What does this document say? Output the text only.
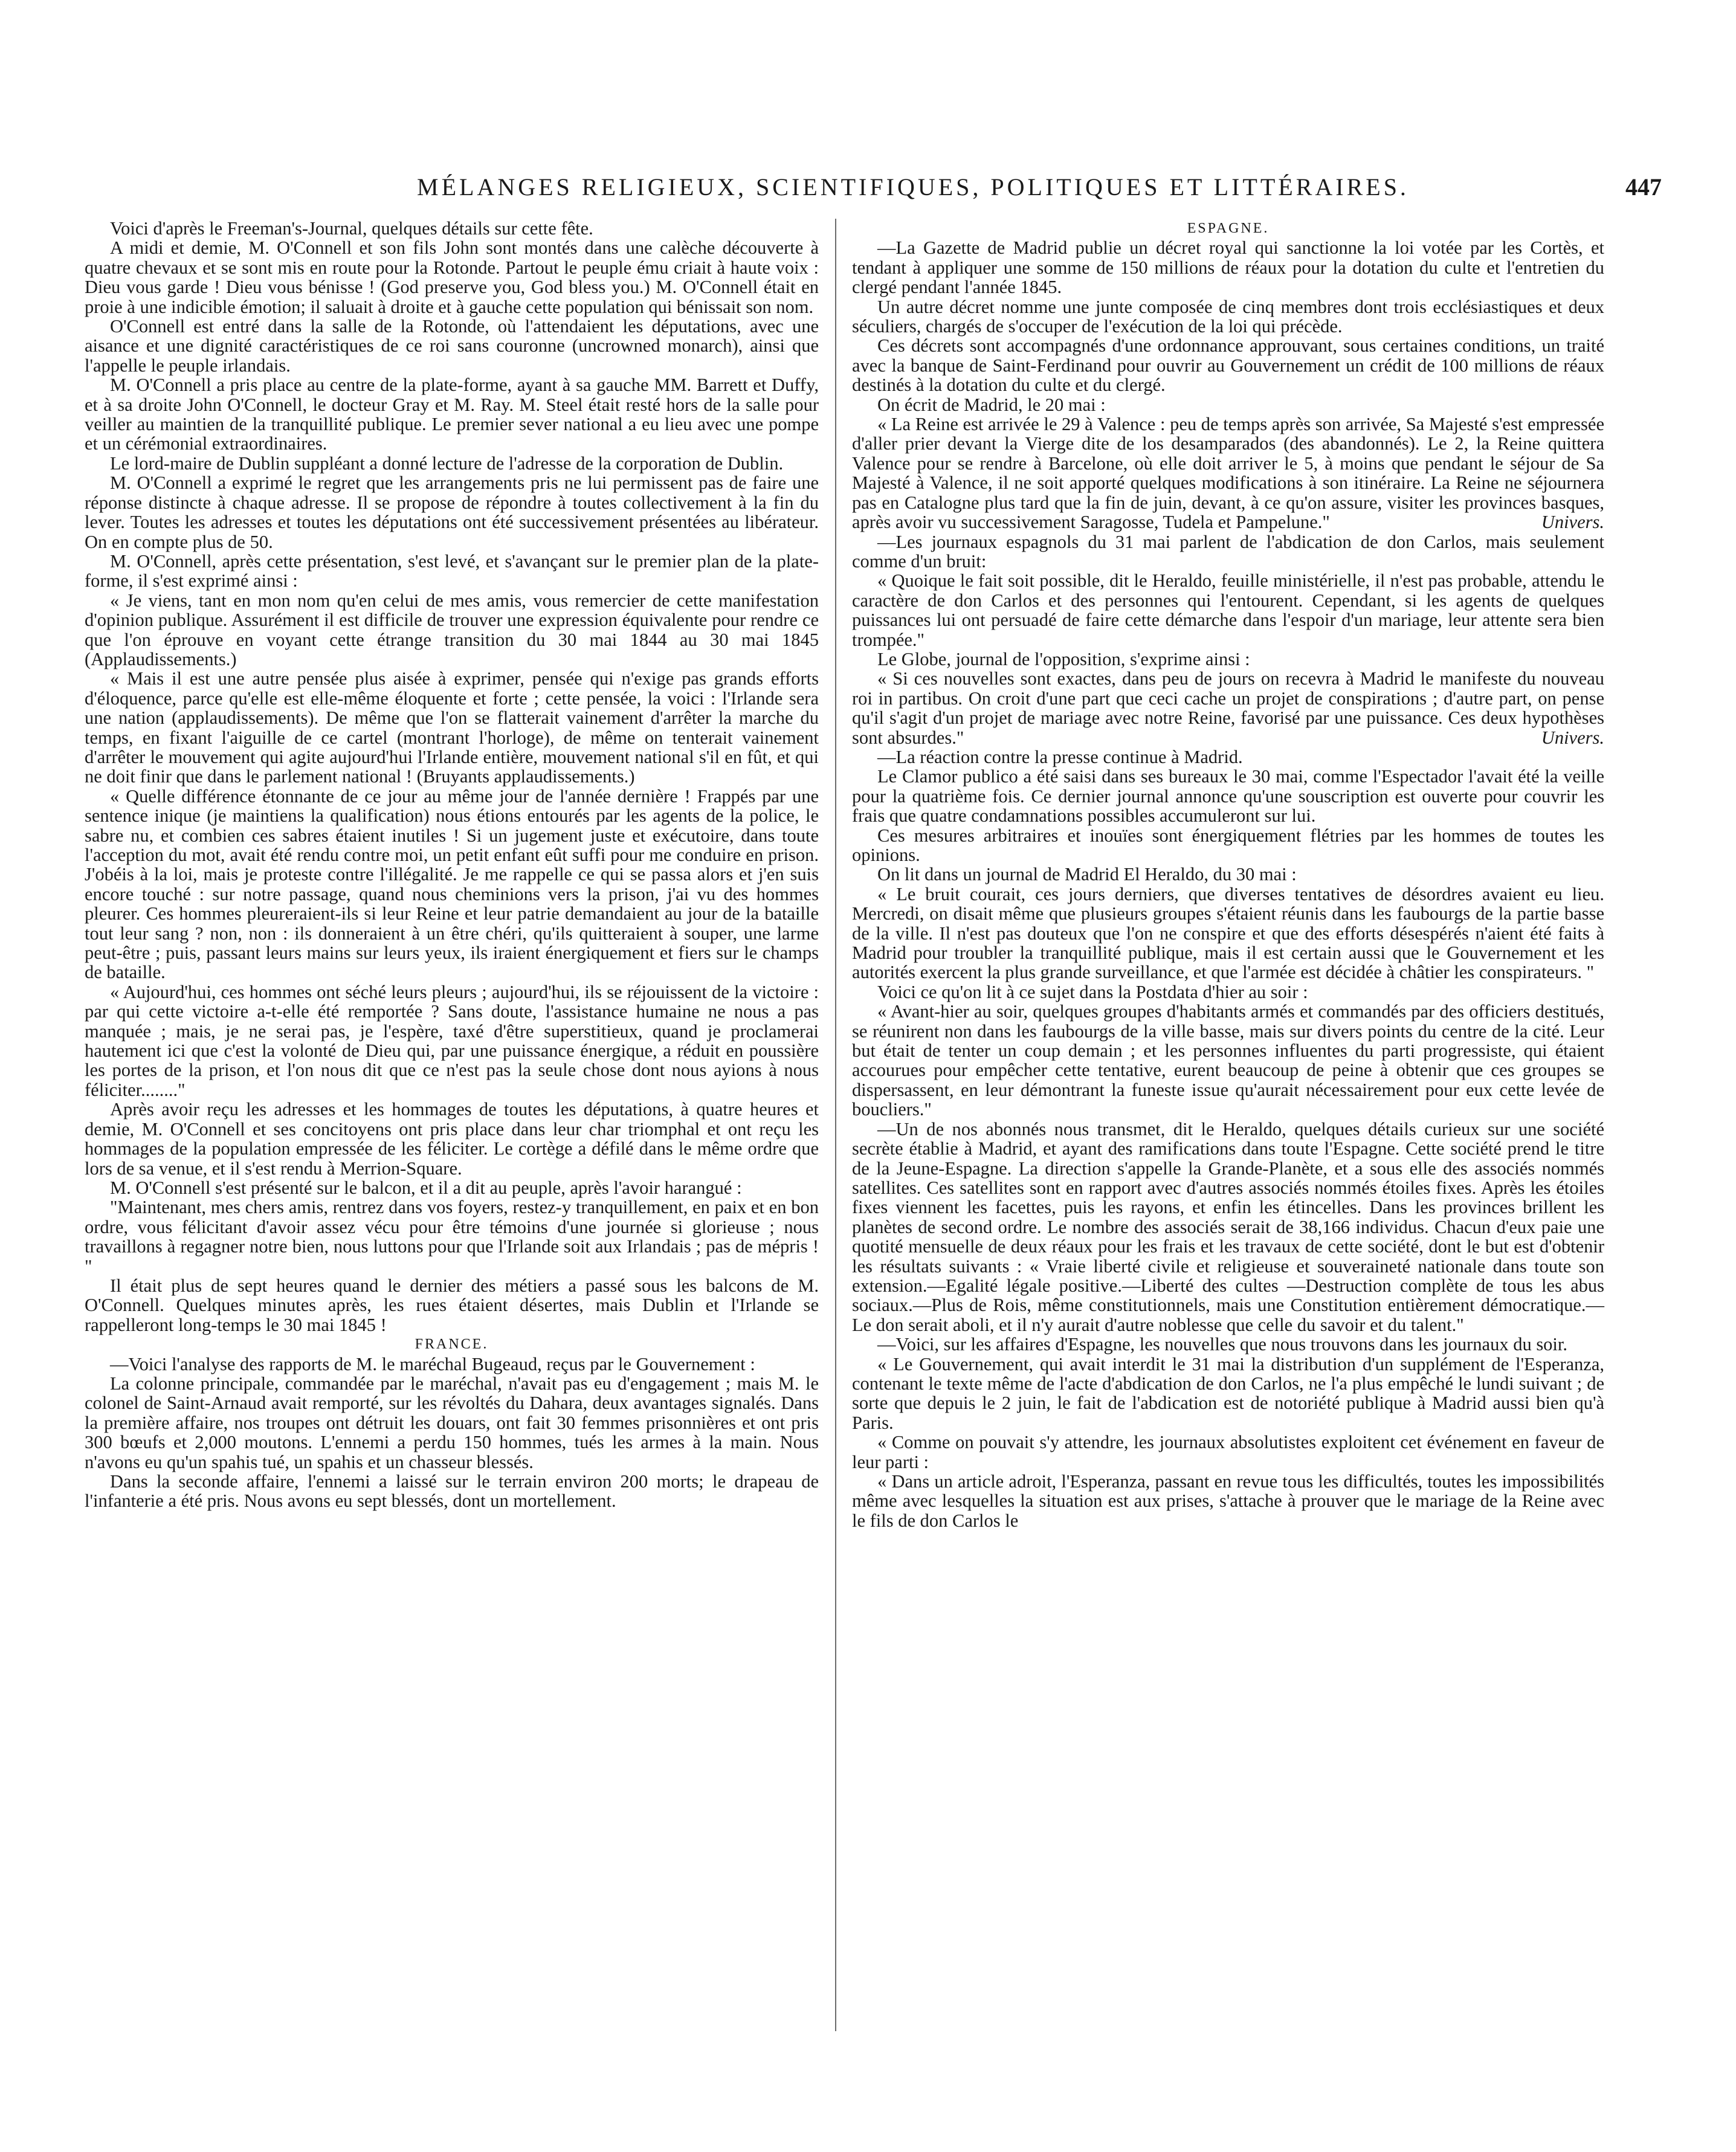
MÉLANGES RELIGIEUX, SCIENTIFIQUES, POLITIQUES ET LITTÉRAIRES.	447

Voici d'après le Freeman's-Journal, quelques détails sur cette fête.

A midi et demie, M. O'Connell et son fils John sont montés dans une calèche découverte à quatre chevaux et se sont mis en route pour la Rotonde. Partout le peuple ému criait à haute voix : Dieu vous garde ! Dieu vous bénisse ! (God preserve you, God bless you.) M. O'Connell était en proie à une indicible émotion; il saluait à droite et à gauche cette population qui bénissait son nom.

O'Connell est entré dans la salle de la Rotonde, où l'attendaient les députations, avec une aisance et une dignité caractéristiques de ce roi sans couronne (uncrowned monarch), ainsi que l'appelle le peuple irlandais.

M. O'Connell a pris place au centre de la plate-forme, ayant à sa gauche MM. Barrett et Duffy, et à sa droite John O'Connell, le docteur Gray et M. Ray. M. Steel était resté hors de la salle pour veiller au maintien de la tranquillité publique. Le premier sever national a eu lieu avec une pompe et un cérémonial extraordinaires.

Le lord-maire de Dublin suppléant a donné lecture de l'adresse de la corporation de Dublin.

M. O'Connell a exprimé le regret que les arrangements pris ne lui permissent pas de faire une réponse distincte à chaque adresse. Il se propose de répondre à toutes collectivement à la fin du lever. Toutes les adresses et toutes les députations ont été successivement présentées au libérateur. On en compte plus de 50.

M. O'Connell, après cette présentation, s'est levé, et s'avançant sur le premier plan de la plate-forme, il s'est exprimé ainsi :

« Je viens, tant en mon nom qu'en celui de mes amis, vous remercier de cette manifestation d'opinion publique. Assurément il est difficile de trouver une expression équivalente pour rendre ce que l'on éprouve en voyant cette étrange transition du 30 mai 1844 au 30 mai 1845 (Applaudissements.)

« Mais il est une autre pensée plus aisée à exprimer, pensée qui n'exige pas grands efforts d'éloquence, parce qu'elle est elle-même éloquente et forte ; cette pensée, la voici : l'Irlande sera une nation (applaudissements). De même que l'on se flatterait vainement d'arrêter la marche du temps, en fixant l'aiguille de ce cartel (montrant l'horloge), de même on tenterait vainement d'arrêter le mouvement qui agite aujourd'hui l'Irlande entière, mouvement national s'il en fût, et qui ne doit finir que dans le parlement national ! (Bruyants applaudissements.)

« Quelle différence étonnante de ce jour au même jour de l'année dernière ! Frappés par une sentence inique (je maintiens la qualification) nous étions entourés par les agents de la police, le sabre nu, et combien ces sabres étaient inutiles ! Si un jugement juste et exécutoire, dans toute l'acception du mot, avait été rendu contre moi, un petit enfant eût suffi pour me conduire en prison. J'obéis à la loi, mais je proteste contre l'illégalité. Je me rappelle ce qui se passa alors et j'en suis encore touché : sur notre passage, quand nous cheminions vers la prison, j'ai vu des hommes pleurer. Ces hommes pleureraient-ils si leur Reine et leur patrie demandaient au jour de la bataille tout leur sang ? non, non : ils donneraient à un être chéri, qu'ils quitteraient à souper, une larme peut-être ; puis, passant leurs mains sur leurs yeux, ils iraient énergiquement et fiers sur le champs de bataille.

« Aujourd'hui, ces hommes ont séché leurs pleurs ; aujourd'hui, ils se réjouissent de la victoire : par qui cette victoire a-t-elle été remportée ? Sans doute, l'assistance humaine ne nous a pas manquée ; mais, je ne serai pas, je l'espère, taxé d'être superstitieux, quand je proclamerai hautement ici que c'est la volonté de Dieu qui, par une puissance énergique, a réduit en poussière les portes de la prison, et l'on nous dit que ce n'est pas la seule chose dont nous ayions à nous féliciter........"

Après avoir reçu les adresses et les hommages de toutes les députations, à quatre heures et demie, M. O'Connell et ses concitoyens ont pris place dans leur char triomphal et ont reçu les hommages de la population empressée de les féliciter. Le cortège a défilé dans le même ordre que lors de sa venue, et il s'est rendu à Merrion-Square.

M. O'Connell s'est présenté sur le balcon, et il a dit au peuple, après l'avoir harangué :

"Maintenant, mes chers amis, rentrez dans vos foyers, restez-y tranquillement, en paix et en bon ordre, vous félicitant d'avoir assez vécu pour être témoins d'une journée si glorieuse ; nous travaillons à regagner notre bien, nous luttons pour que l'Irlande soit aux Irlandais ; pas de mépris ! "

Il était plus de sept heures quand le dernier des métiers a passé sous les balcons de M. O'Connell. Quelques minutes après, les rues étaient désertes, mais Dublin et l'Irlande se rappelleront long-temps le 30 mai 1845 !

FRANCE.

—Voici l'analyse des rapports de M. le maréchal Bugeaud, reçus par le Gouvernement :

La colonne principale, commandée par le maréchal, n'avait pas eu d'engagement ; mais M. le colonel de Saint-Arnaud avait remporté, sur les révoltés du Dahara, deux avantages signalés. Dans la première affaire, nos troupes ont détruit les douars, ont fait 30 femmes prisonnières et ont pris 300 bœufs et 2,000 moutons. L'ennemi a perdu 150 hommes, tués les armes à la main. Nous n'avons eu qu'un spahis tué, un spahis et un chasseur blessés.

Dans la seconde affaire, l'ennemi a laissé sur le terrain environ 200 morts; le drapeau de l'infanterie a été pris. Nous avons eu sept blessés, dont un mortellement.

ESPAGNE.

—La Gazette de Madrid publie un décret royal qui sanctionne la loi votée par les Cortès, et tendant à appliquer une somme de 150 millions de réaux pour la dotation du culte et l'entretien du clergé pendant l'année 1845.

Un autre décret nomme une junte composée de cinq membres dont trois ecclésiastiques et deux séculiers, chargés de s'occuper de l'exécution de la loi qui précède.

Ces décrets sont accompagnés d'une ordonnance approuvant, sous certaines conditions, un traité avec la banque de Saint-Ferdinand pour ouvrir au Gouvernement un crédit de 100 millions de réaux destinés à la dotation du culte et du clergé.

On écrit de Madrid, le 20 mai :

« La Reine est arrivée le 29 à Valence : peu de temps après son arrivée, Sa Majesté s'est empressée d'aller prier devant la Vierge dite de los desamparados (des abandonnés). Le 2, la Reine quittera Valence pour se rendre à Barcelone, où elle doit arriver le 5, à moins que pendant le séjour de Sa Majesté à Valence, il ne soit apporté quelques modifications à son itinéraire. La Reine ne séjournera pas en Catalogne plus tard que la fin de juin, devant, à ce qu'on assure, visiter les provinces basques, après avoir vu successivement Saragosse, Tudela et Pampelune."	Univers.

—Les journaux espagnols du 31 mai parlent de l'abdication de don Carlos, mais seulement comme d'un bruit:

« Quoique le fait soit possible, dit le Heraldo, feuille ministérielle, il n'est pas probable, attendu le caractère de don Carlos et des personnes qui l'entourent. Cependant, si les agents de quelques puissances lui ont persuadé de faire cette démarche dans l'espoir d'un mariage, leur attente sera bien trompée."

Le Globe, journal de l'opposition, s'exprime ainsi :

« Si ces nouvelles sont exactes, dans peu de jours on recevra à Madrid le manifeste du nouveau roi in partibus. On croit d'une part que ceci cache un projet de conspirations ; d'autre part, on pense qu'il s'agit d'un projet de mariage avec notre Reine, favorisé par une puissance. Ces deux hypothèses sont absurdes."	Univers.

—La réaction contre la presse continue à Madrid.

Le Clamor publico a été saisi dans ses bureaux le 30 mai, comme l'Espectador l'avait été la veille pour la quatrième fois. Ce dernier journal annonce qu'une souscription est ouverte pour couvrir les frais que quatre condamnations possibles accumuleront sur lui.

Ces mesures arbitraires et inouïes sont énergiquement flétries par les hommes de toutes les opinions.

On lit dans un journal de Madrid El Heraldo, du 30 mai :

« Le bruit courait, ces jours derniers, que diverses tentatives de désordres avaient eu lieu. Mercredi, on disait même que plusieurs groupes s'étaient réunis dans les faubourgs de la partie basse de la ville. Il n'est pas douteux que l'on ne conspire et que des efforts désespérés n'aient été faits à Madrid pour troubler la tranquillité publique, mais il est certain aussi que le Gouvernement et les autorités exercent la plus grande surveillance, et que l'armée est décidée à châtier les conspirateurs. "

Voici ce qu'on lit à ce sujet dans la Postdata d'hier au soir :

« Avant-hier au soir, quelques groupes d'habitants armés et commandés par des officiers destitués, se réunirent non dans les faubourgs de la ville basse, mais sur divers points du centre de la cité. Leur but était de tenter un coup demain ; et les personnes influentes du parti progressiste, qui étaient accourues pour empêcher cette tentative, eurent beaucoup de peine à obtenir que ces groupes se dispersassent, en leur démontrant la funeste issue qu'aurait nécessairement pour eux cette levée de boucliers."

—Un de nos abonnés nous transmet, dit le Heraldo, quelques détails curieux sur une société secrète établie à Madrid, et ayant des ramifications dans toute l'Espagne. Cette société prend le titre de la Jeune-Espagne. La direction s'appelle la Grande-Planète, et a sous elle des associés nommés satellites. Ces satellites sont en rapport avec d'autres associés nommés étoiles fixes. Après les étoiles fixes viennent les facettes, puis les rayons, et enfin les étincelles. Dans les provinces brillent les planètes de second ordre. Le nombre des associés serait de 38,166 individus. Chacun d'eux paie une quotité mensuelle de deux réaux pour les frais et les travaux de cette société, dont le but est d'obtenir les résultats suivants : « Vraie liberté civile et religieuse et souveraineté nationale dans toute son extension.—Egalité légale positive.—Liberté des cultes —Destruction complète de tous les abus sociaux.—Plus de Rois, même constitutionnels, mais une Constitution entièrement démocratique.—Le don serait aboli, et il n'y aurait d'autre noblesse que celle du savoir et du talent."

—Voici, sur les affaires d'Espagne, les nouvelles que nous trouvons dans les journaux du soir.

« Le Gouvernement, qui avait interdit le 31 mai la distribution d'un supplément de l'Esperanza, contenant le texte même de l'acte d'abdication de don Carlos, ne l'a plus empêché le lundi suivant ; de sorte que depuis le 2 juin, le fait de l'abdication est de notoriété publique à Madrid aussi bien qu'à Paris.

« Comme on pouvait s'y attendre, les journaux absolutistes exploitent cet événement en faveur de leur parti :

« Dans un article adroit, l'Esperanza, passant en revue tous les difficultés, toutes les impossibilités même avec lesquelles la situation est aux prises, s'attache à prouver que le mariage de la Reine avec le fils de don Carlos le
